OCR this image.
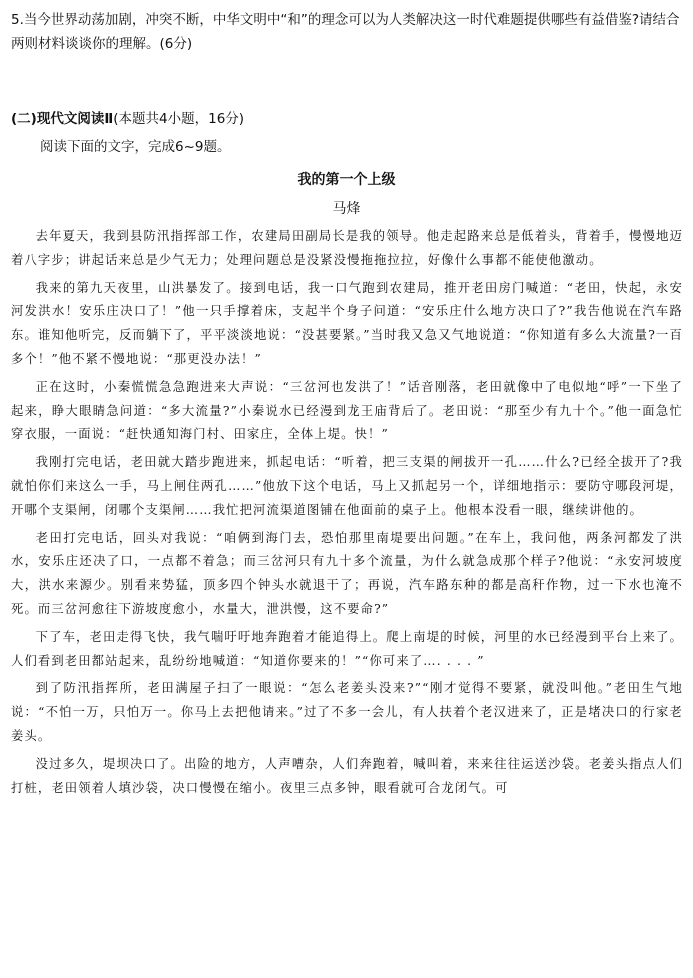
5.当今世界动荡加剧，冲突不断，中华文明中“和”的理念可以为人类解决这一时代难题提供哪些有益借鉴?请结合两则材料谈谈你的理解。(6分)
(二)现代文阅读Ⅱ(本题共4小题，16分)
阅读下面的文字，完成6~9题。
我的第一个上级
马烽

去年夏天，我到县防汛指挥部工作，农建局田副局长是我的领导。他走起路来总是低着头，背着手，慢慢地迈着八字步；讲起话来总是少气无力；处理问题总是没紧没慢拖拖拉拉，好像什么事都不能使他激动。

我来的第九天夜里，山洪暴发了。接到电话，我一口气跑到农建局，推开老田房门喊道：“老田，快起，永安河发洪水！安乐庄决口了！”他一只手撑着床，支起半个身子问道：“安乐庄什么地方决口了?”我告他说在汽车路东。谁知他听完，反而躺下了，平平淡淡地说：“没甚要紧。”当时我又急又气地说道：“你知道有多么大流量?一百多个！”他不紧不慢地说：“那更没办法！”

正在这时，小秦慌慌急急跑进来大声说：“三岔河也发洪了！”话音刚落，老田就像中了电似地“呼”一下坐了起来，睁大眼睛急问道：“多大流量?”小秦说水已经漫到龙王庙背后了。老田说：“那至少有九十个。”他一面急忙穿衣服，一面说：“赶快通知海门村、田家庄，全体上堤。快！”

我刚打完电话，老田就大踏步跑进来，抓起电话：“听着，把三支渠的闸拔开一孔……什么?已经全拔开了?我就怕你们来这么一手，马上闸住两孔……”他放下这个电话，马上又抓起另一个，详细地指示：要防守哪段河堤，开哪个支渠闸，闭哪个支渠闸……我忙把河流渠道图铺在他面前的桌子上。他根本没看一眼，继续讲他的。

老田打完电话，回头对我说：“咱俩到海门去，恐怕那里南堤要出问题。”在车上，我问他，两条河都发了洪水，安乐庄还决了口，一点都不着急；而三岔河只有九十多个流量，为什么就急成那个样子?他说：“永安河坡度大，洪水来源少。别看来势猛，顶多四个钟头水就退干了；再说，汽车路东种的都是高秆作物，过一下水也淹不死。而三岔河愈往下游坡度愈小，水量大，泄洪慢，这不要命?”

下了车，老田走得飞快，我气喘吁吁地奔跑着才能追得上。爬上南堤的时候，河里的水已经漫到平台上来了。人们看到老田都站起来，乱纷纷地喊道：“知道你要来的！”“你可来了…. . . . ”

到了防汛指挥所，老田满屋子扫了一眼说：“怎么老姜头没来?”“刚才觉得不要紧，就没叫他。”老田生气地说：“不怕一万，只怕万一。你马上去把他请来。”过了不多一会儿，有人扶着个老汉进来了，正是堵决口的行家老姜头。

没过多久，堤坝决口了。出险的地方，人声嘈杂，人们奔跑着，喊叫着，来来往往运送沙袋。老姜头指点人们打桩，老田领着人填沙袋，决口慢慢在缩小。夜里三点多钟，眼看就可合龙闭气。可
